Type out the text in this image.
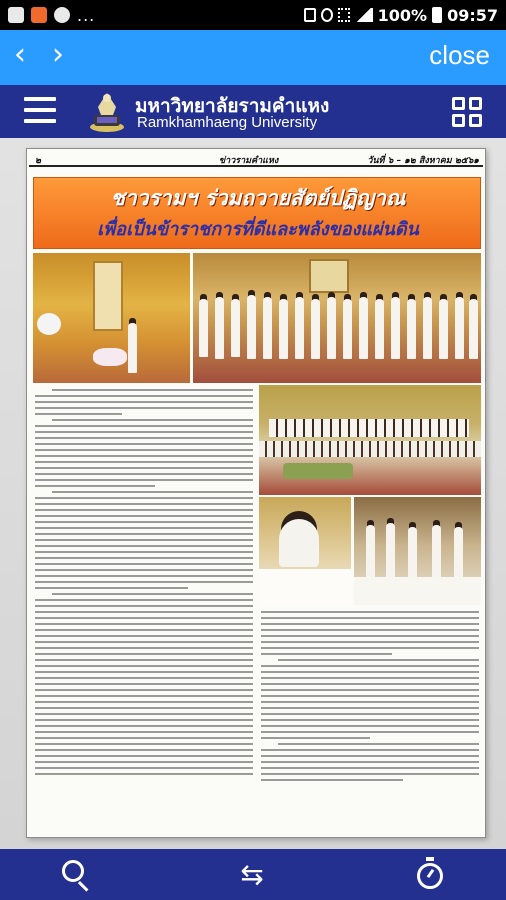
...	100% 09:57
‹ ›	close
มหาวิทยาลัยรามคำแหง
Ramkhamhaeng University
๒	ข่าวรามคำแหง	วันที่ ๖ – ๑๒ สิงหาคม ๒๕๖๑
ชาวรามฯ ร่วมถวายสัตย์ปฏิญาณ
เพื่อเป็นข้าราชการที่ดีและพลังของแผ่นดิน
⇆
